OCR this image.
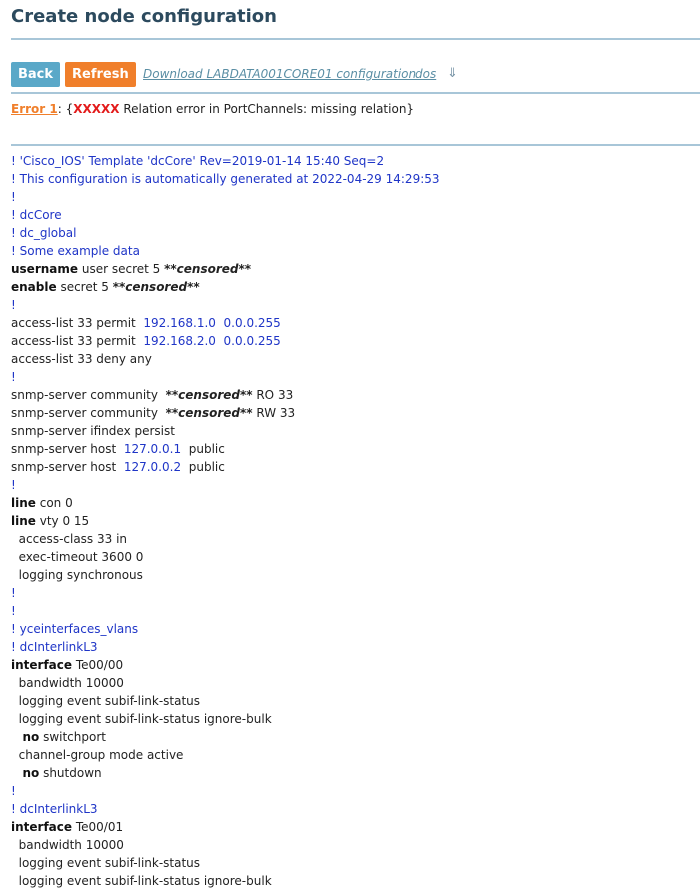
Create node configuration
Back	Refresh	Download LABDATA001CORE01 configuration
dos ⇓
Error 1: {XXXXX Relation error in PortChannels: missing relation}
! 'Cisco_IOS' Template 'dcCore' Rev=2019-01-14 15:40 Seq=2
! This configuration is automatically generated at 2022-04-29 14:29:53
!
! dcCore
! dc_global
! Some example data
username user secret 5 **censored**
enable secret 5 **censored**
!
access-list 33 permit  192.168.1.0 0.0.0.255
access-list 33 permit  192.168.2.0 0.0.0.255
access-list 33 deny any
!
snmp-server community  **censored** RO 33
snmp-server community  **censored** RW 33
snmp-server ifindex persist
snmp-server host  127.0.0.1  public
snmp-server host  127.0.0.2  public
!
line con 0
line vty 0 15
access-class 33 in
exec-timeout 3600 0
logging synchronous
!
!
! yceinterfaces_vlans
! dcInterlinkL3
interface Te00/00
bandwidth 10000
logging event subif-link-status
logging event subif-link-status ignore-bulk
no switchport
channel-group mode active
no shutdown
!
! dcInterlinkL3
interface Te00/01
bandwidth 10000
logging event subif-link-status
logging event subif-link-status ignore-bulk
